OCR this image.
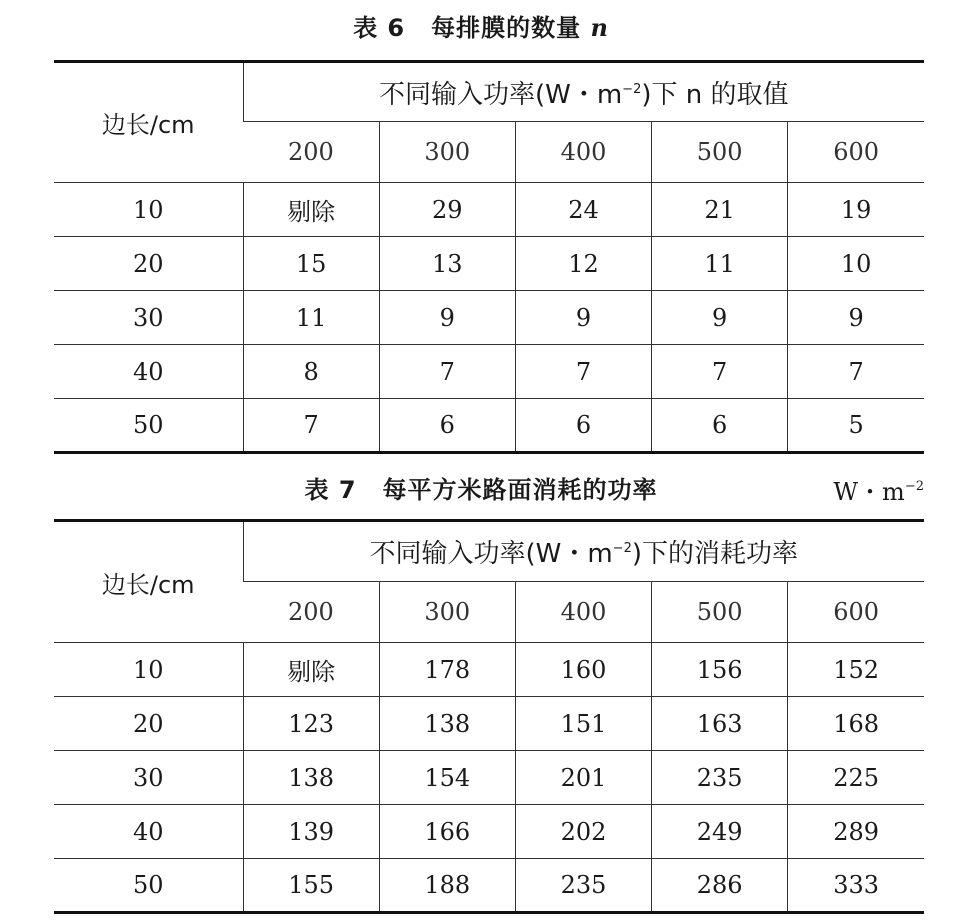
表 6 每排膜的数量 n
边长/cm	不同输入功率(W・$m^{-2}$)下 n 的取值				
	200	300	400	500	600
10	剔除	29	24	21	19
20	15	13	12	11	10
30	11	9	9	9	9
40	8	7	7	7	7
50	7	6	6	6	5
表 7 每平方米路面消耗的功率	W・$m^{-2}$
边长/cm	不同输入功率(W・$m^{-2}$)下的消耗功率				
	200	300	400	500	600
10	剔除	178	160	156	152
20	123	138	151	163	168
30	138	154	201	235	225
40	139	166	202	249	289
50	155	188	235	286	333
